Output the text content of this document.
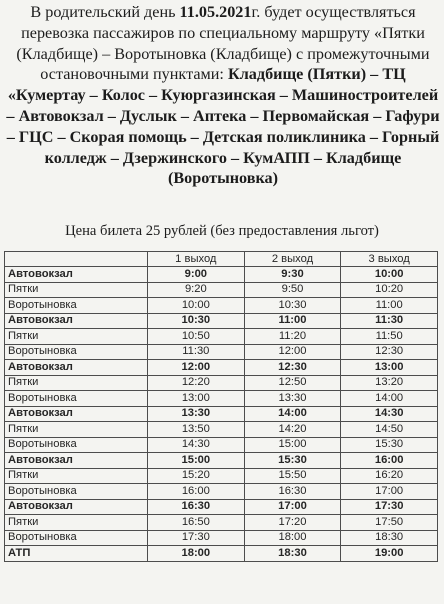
В родительский день 11.05.2021г. будет осуществляться перевозка пассажиров по специальному маршруту «Пятки (Кладбище) – Воротыновка (Кладбище) с промежуточными остановочными пунктами: Кладбище (Пятки) – ТЦ «Кумертау – Колос – Куюргазинская – Машиностроителей – Автовокзал – Дуслык – Аптека – Первомайская – Гафури – ГЦС – Скорая помощь – Детская поликлиника – Горный колледж – Дзержинского – КумАПП – Кладбище (Воротыновка)
Цена билета 25 рублей (без предоставления льгот)
	1 выход	2 выход	3 выход
Автовокзал	9:00	9:30	10:00
Пятки	9:20	9:50	10:20
Воротыновка	10:00	10:30	11:00
Автовокзал	10:30	11:00	11:30
Пятки	10:50	11:20	11:50
Воротыновка	11:30	12:00	12:30
Автовокзал	12:00	12:30	13:00
Пятки	12:20	12:50	13:20
Воротыновка	13:00	13:30	14:00
Автовокзал	13:30	14:00	14:30
Пятки	13:50	14:20	14:50
Воротыновка	14:30	15:00	15:30
Автовокзал	15:00	15:30	16:00
Пятки	15:20	15:50	16:20
Воротыновка	16:00	16:30	17:00
Автовокзал	16:30	17:00	17:30
Пятки	16:50	17:20	17:50
Воротыновка	17:30	18:00	18:30
АТП	18:00	18:30	19:00
